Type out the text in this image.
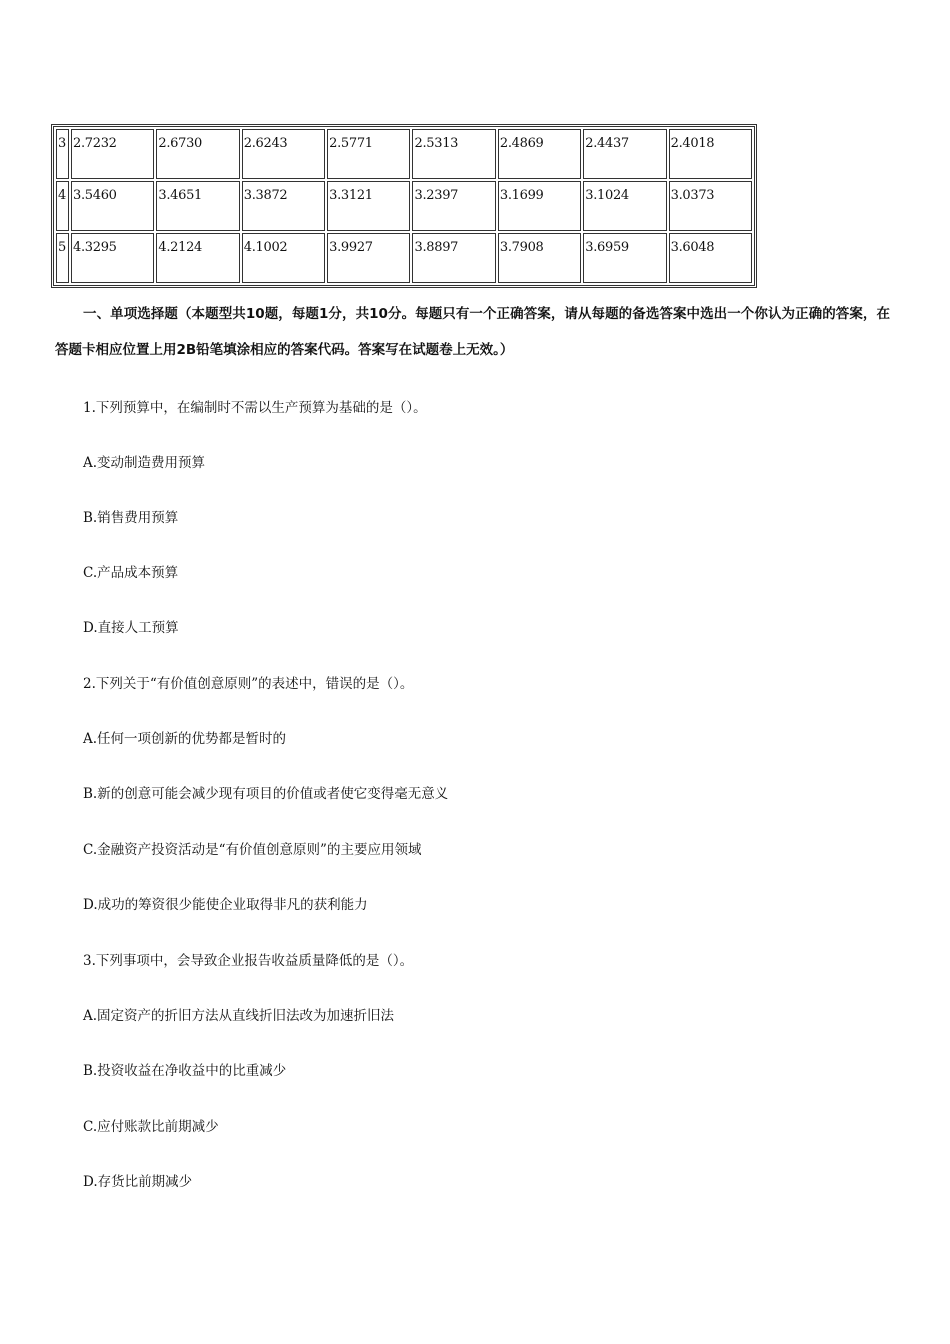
3	2.7232	2.6730	2.6243	2.5771	2.5313	2.4869	2.4437	2.4018
4	3.5460	3.4651	3.3872	3.3121	3.2397	3.1699	3.1024	3.0373
5	4.3295	4.2124	4.1002	3.9927	3.8897	3.7908	3.6959	3.6048
一、单项选择题（本题型共10题，每题1分，共10分。每题只有一个正确答案，请从每题的备选答案中选出一个你认为正确的答案，在答题卡相应位置上用2B铅笔填涂相应的答案代码。答案写在试题卷上无效。）
1.下列预算中，在编制时不需以生产预算为基础的是（）。
A.变动制造费用预算
B.销售费用预算
C.产品成本预算
D.直接人工预算
2.下列关于“有价值创意原则”的表述中，错误的是（）。
A.任何一项创新的优势都是暂时的
B.新的创意可能会减少现有项目的价值或者使它变得毫无意义
C.金融资产投资活动是“有价值创意原则”的主要应用领域
D.成功的筹资很少能使企业取得非凡的获利能力
3.下列事项中，会导致企业报告收益质量降低的是（）。
A.固定资产的折旧方法从直线折旧法改为加速折旧法
B.投资收益在净收益中的比重减少
C.应付账款比前期减少
D.存货比前期减少
